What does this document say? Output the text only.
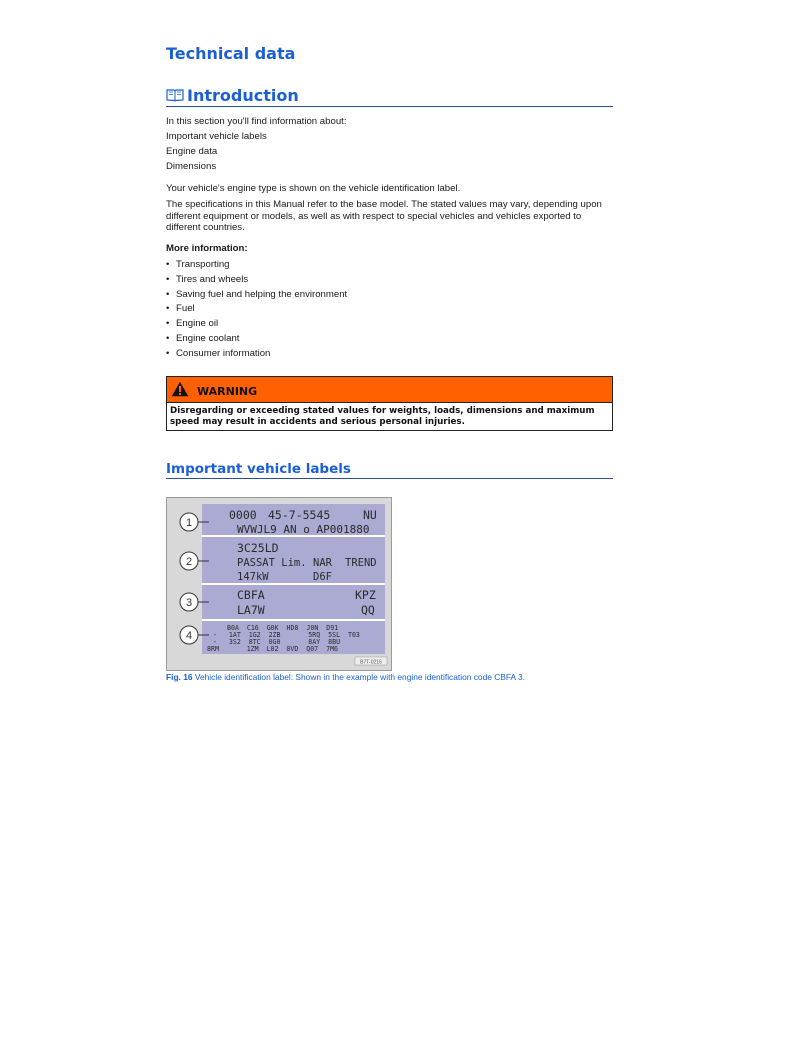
Technical data
Introduction

In this section you'll find information about:

Important vehicle labels

Engine data

Dimensions

Your vehicle's engine type is shown on the vehicle identification label.

The specifications in this Manual refer to the base model. The stated values may vary, depending upon different equipment or models, as well as with respect to special vehicles and vehicles exported to different countries.

More information:

• Transporting
• Tires and wheels
• Saving fuel and helping the environment
• Fuel
• Engine oil
• Engine coolant
• Consumer information
WARNING
Disregarding or exceeding stated values for weights, loads, dimensions and maximum speed may result in accidents and serious personal injuries.
Important vehicle labels
1
2
3
4
0000 45-7-5545	NU
WVWJL9 AN o AP001880
3C25LD
PASSAT Lim. NAR TREND
147kW	D6F
CBFA	KPZ
LA7W	QQ
B0A  C16  G0K  HD8  J0N  D91
-   1AT  1G2  2ZB       5RQ  5SL  T03
-   3S2  8TC  0G0       8AY  8BU
8RM       1ZM  L02  0VD  Q07  7M6
B7T-0216
Fig. 16 Vehicle identification label: Shown in the example with engine identification code CBFA 3.
